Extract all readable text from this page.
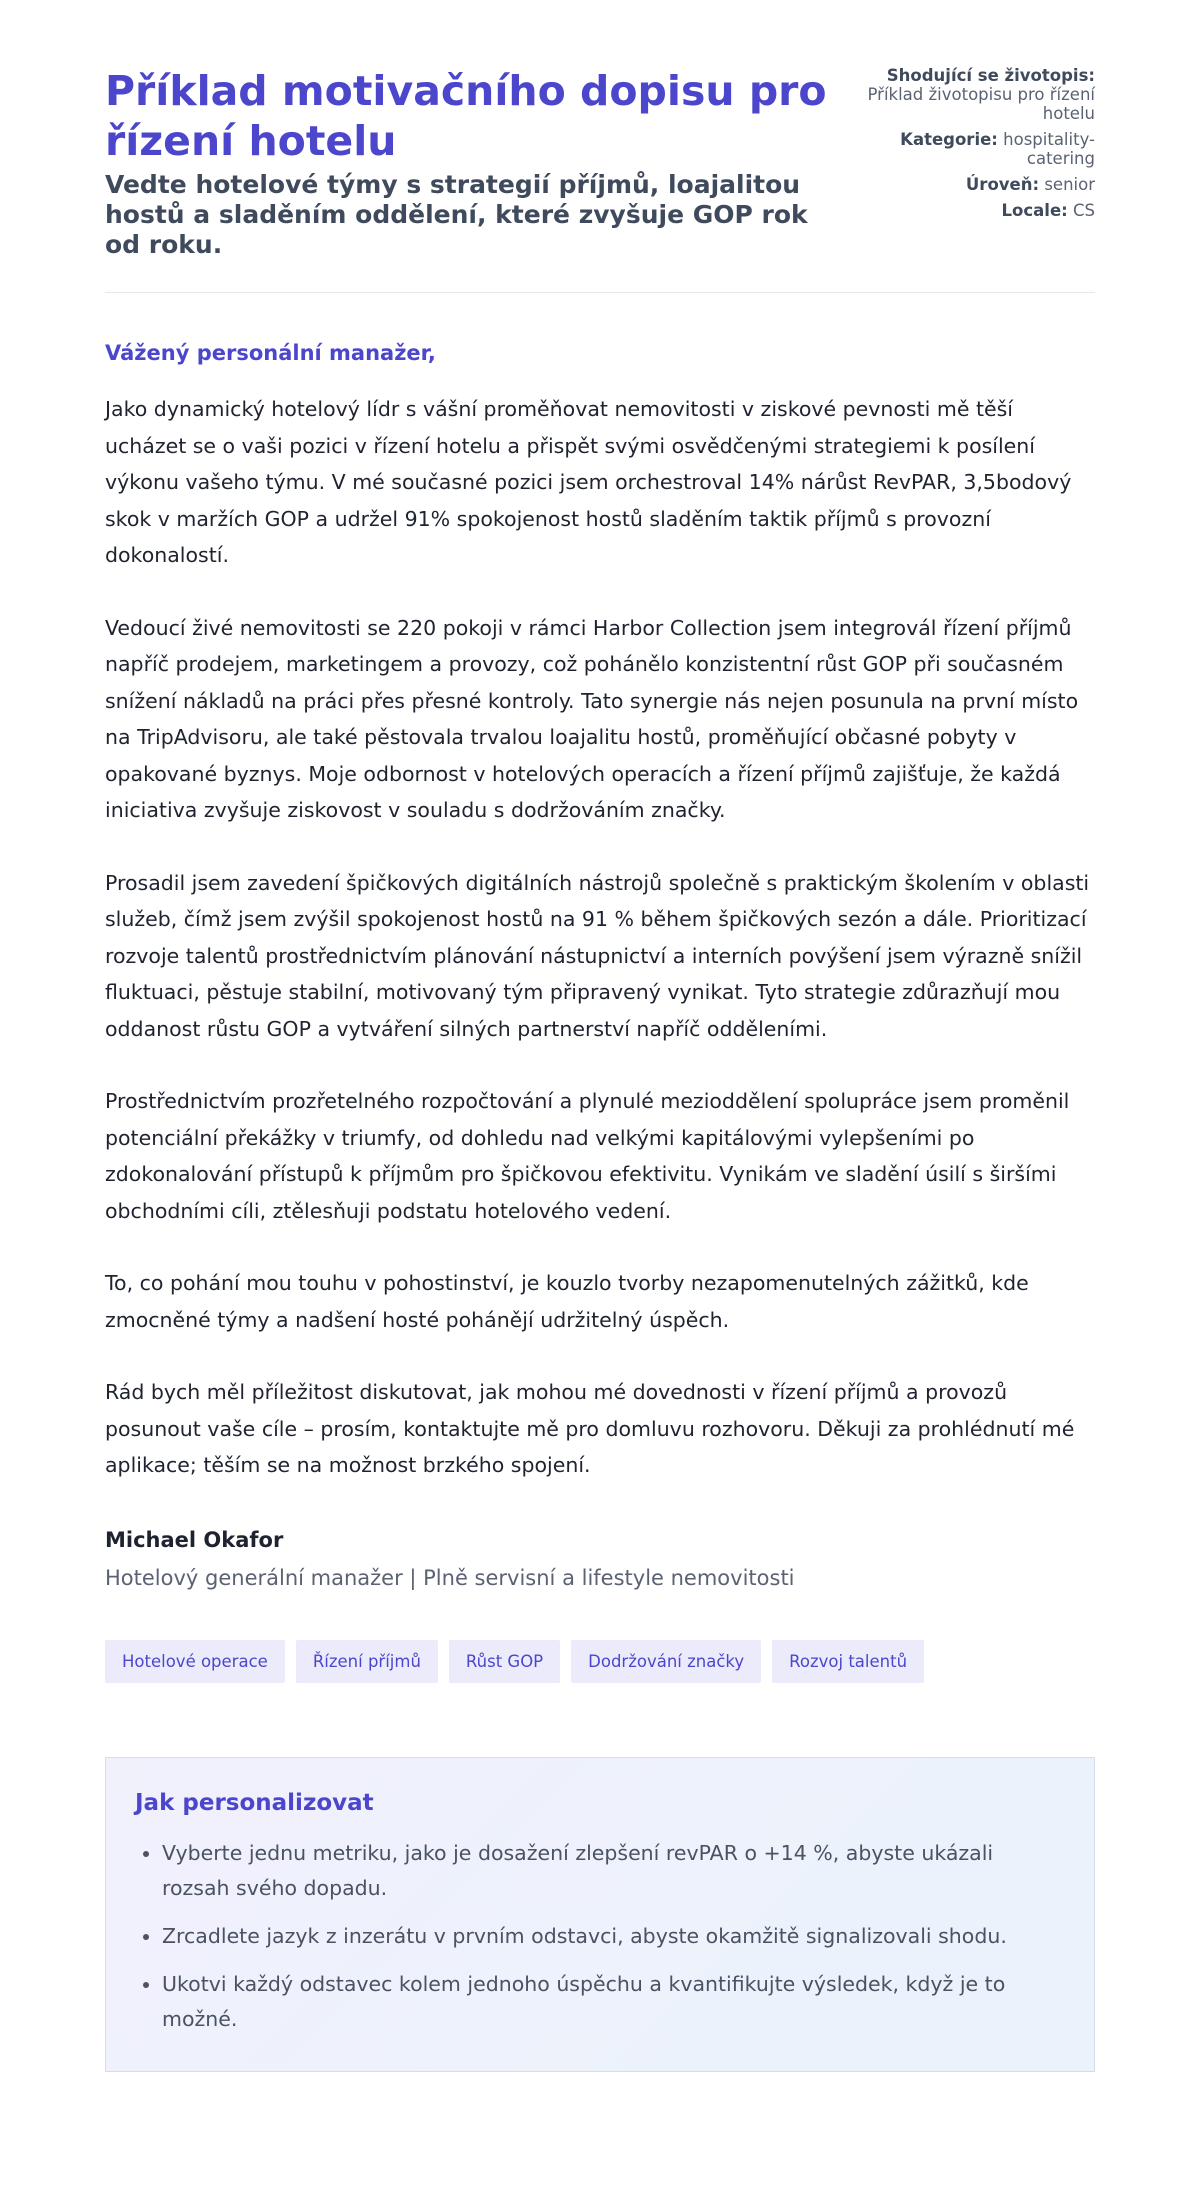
Příklad motivačního dopisu pro řízení hotelu
Vedte hotelové týmy s strategií příjmů, loajalitou hostů a sladěním oddělení, které zvyšuje GOP rok od roku.
Shodující se životopis:
Příklad životopisu pro řízení hotelu
Kategorie: hospitality-catering
Úroveň: senior
Locale: CS

Vážený personální manažer,

Jako dynamický hotelový lídr s vášní proměňovat nemovitosti v ziskové pevnosti mě těší ucházet se o vaši pozici v řízení hotelu a přispět svými osvědčenými strategiemi k posílení výkonu vašeho týmu. V mé současné pozici jsem orchestroval 14% nárůst RevPAR, 3,5bodový skok v maržích GOP a udržel 91% spokojenost hostů sladěním taktik příjmů s provozní dokonalostí.

Vedoucí živé nemovitosti se 220 pokoji v rámci Harbor Collection jsem integrovál řízení příjmů napříč prodejem, marketingem a provozy, což pohánělo konzistentní růst GOP při současném snížení nákladů na práci přes přesné kontroly. Tato synergie nás nejen posunula na první místo na TripAdvisoru, ale také pěstovala trvalou loajalitu hostů, proměňující občasné pobyty v opakované byznys. Moje odbornost v hotelových operacích a řízení příjmů zajišťuje, že každá iniciativa zvyšuje ziskovost v souladu s dodržováním značky.

Prosadil jsem zavedení špičkových digitálních nástrojů společně s praktickým školením v oblasti služeb, čímž jsem zvýšil spokojenost hostů na 91 % během špičkových sezón a dále. Prioritizací rozvoje talentů prostřednictvím plánování nástupnictví a interních povýšení jsem výrazně snížil fluktuaci, pěstuje stabilní, motivovaný tým připravený vynikat. Tyto strategie zdůrazňují mou oddanost růstu GOP a vytváření silných partnerství napříč odděleními.

Prostřednictvím prozřetelného rozpočtování a plynulé mezioddělení spolupráce jsem proměnil potenciální překážky v triumfy, od dohledu nad velkými kapitálovými vylepšeními po zdokonalování přístupů k příjmům pro špičkovou efektivitu. Vynikám ve sladění úsilí s širšími obchodními cíli, ztělesňuji podstatu hotelového vedení.

To, co pohání mou touhu v pohostinství, je kouzlo tvorby nezapomenutelných zážitků, kde zmocněné týmy a nadšení hosté pohánějí udržitelný úspěch.

Rád bych měl příležitost diskutovat, jak mohou mé dovednosti v řízení příjmů a provozů posunout vaše cíle – prosím, kontaktujte mě pro domluvu rozhovoru. Děkuji za prohlédnutí mé aplikace; těším se na možnost brzkého spojení.

Michael Okafor

Hotelový generální manažer | Plně servisní a lifestyle nemovitosti

Hotelové operace	Řízení příjmů	Růst GOP	Dodržování značky	Rozvoj talentů
Jak personalizovat
• Vyberte jednu metriku, jako je dosažení zlepšení revPAR o +14 %, abyste ukázali rozsah svého dopadu.
• Zrcadlete jazyk z inzerátu v prvním odstavci, abyste okamžitě signalizovali shodu.
• Ukotvi každý odstavec kolem jednoho úspěchu a kvantifikujte výsledek, když je to možné.
